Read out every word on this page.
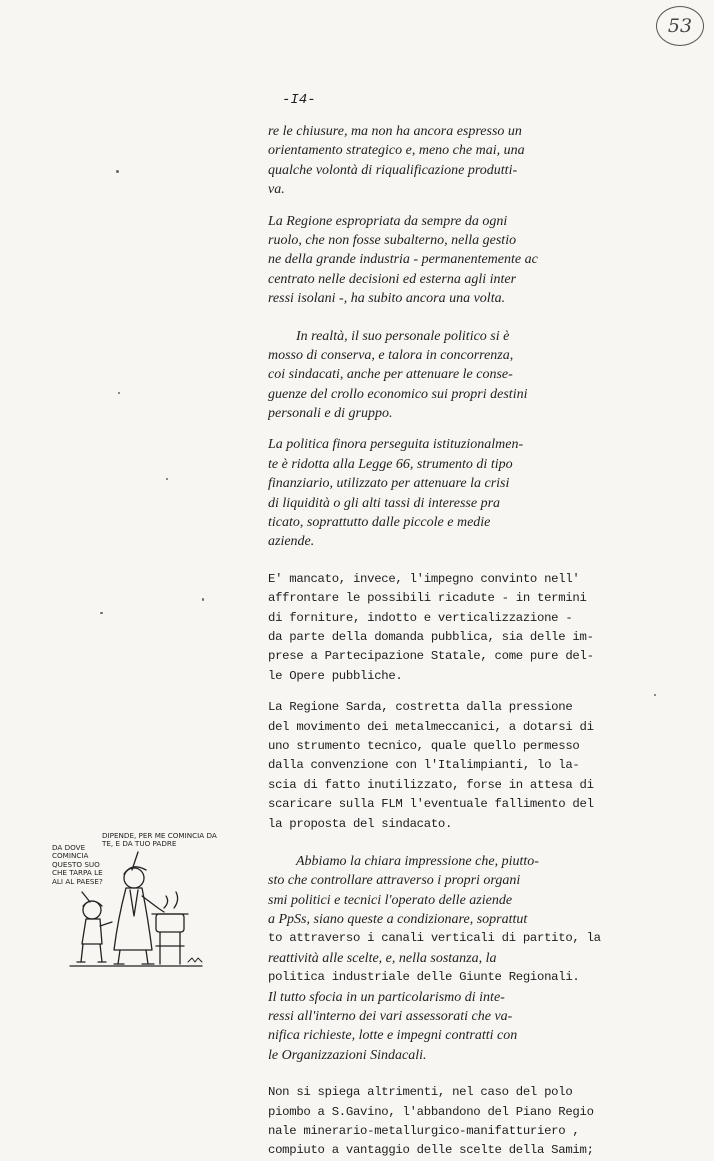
53
-I4-
re le chiusure, ma non ha ancora espresso un
orientamento strategico e, meno che mai, una
qualche volontà di riqualificazione produtti-
va.
La Regione espropriata da sempre da ogni
ruolo, che non fosse subalterno, nella gestio
ne della grande industria - permanentemente ac
centrato nelle decisioni ed esterna agli inter
ressi isolani -, ha subito ancora una volta.
In realtà, il suo personale politico si è
mosso di conserva, e talora in concorrenza,
coi sindacati, anche per attenuare le conse-
guenze del crollo economico sui propri destini
personali e di gruppo.
La politica finora perseguita istituzionalmen-
te è ridotta alla Legge 66, strumento di tipo
finanziario, utilizzato per attenuare la crisi
di liquidità o gli alti tassi di interesse pra
ticato, soprattutto dalle piccole e medie
aziende.
E' mancato, invece, l'impegno convinto nell'
affrontare le possibili ricadute - in termini
di forniture, indotto e verticalizzazione -
da parte della domanda pubblica, sia delle im-
prese a Partecipazione Statale, come pure del-
le Opere pubbliche.
La Regione Sarda, costretta dalla pressione
del movimento dei metalmeccanici, a dotarsi di
uno strumento tecnico, quale quello permesso
dalla convenzione con l'Italimpianti, lo la-
scia di fatto inutilizzato, forse in attesa di
scaricare sulla FLM l'eventuale fallimento del
la proposta del sindacato.
Abbiamo la chiara impressione che, piutto-
sto che controllare attraverso i propri organi
smi politici e tecnici l'operato delle aziende
a PpSs, siano queste a condizionare, soprattut
to attraverso i canali verticali di partito, la
reattività alle scelte, e, nella sostanza, la
politica industriale delle Giunte Regionali.
Il tutto sfocia in un particolarismo di inte-
ressi all'interno dei vari assessorati che va-
nifica richieste, lotte e impegni contratti con
le Organizzazioni Sindacali.
Non si spiega altrimenti, nel caso del polo
piombo a S.Gavino, l'abbandono del Piano Regio
nale minerario-metallurgico-manifatturiero ,
compiuto a vantaggio delle scelte della Samim;
DA DOVE COMINCIA QUESTO SUO CHE TARPA LE ALI AL PAESE?
DIPENDE, PER ME COMINCIA DA TE, E DA TUO PADRE
